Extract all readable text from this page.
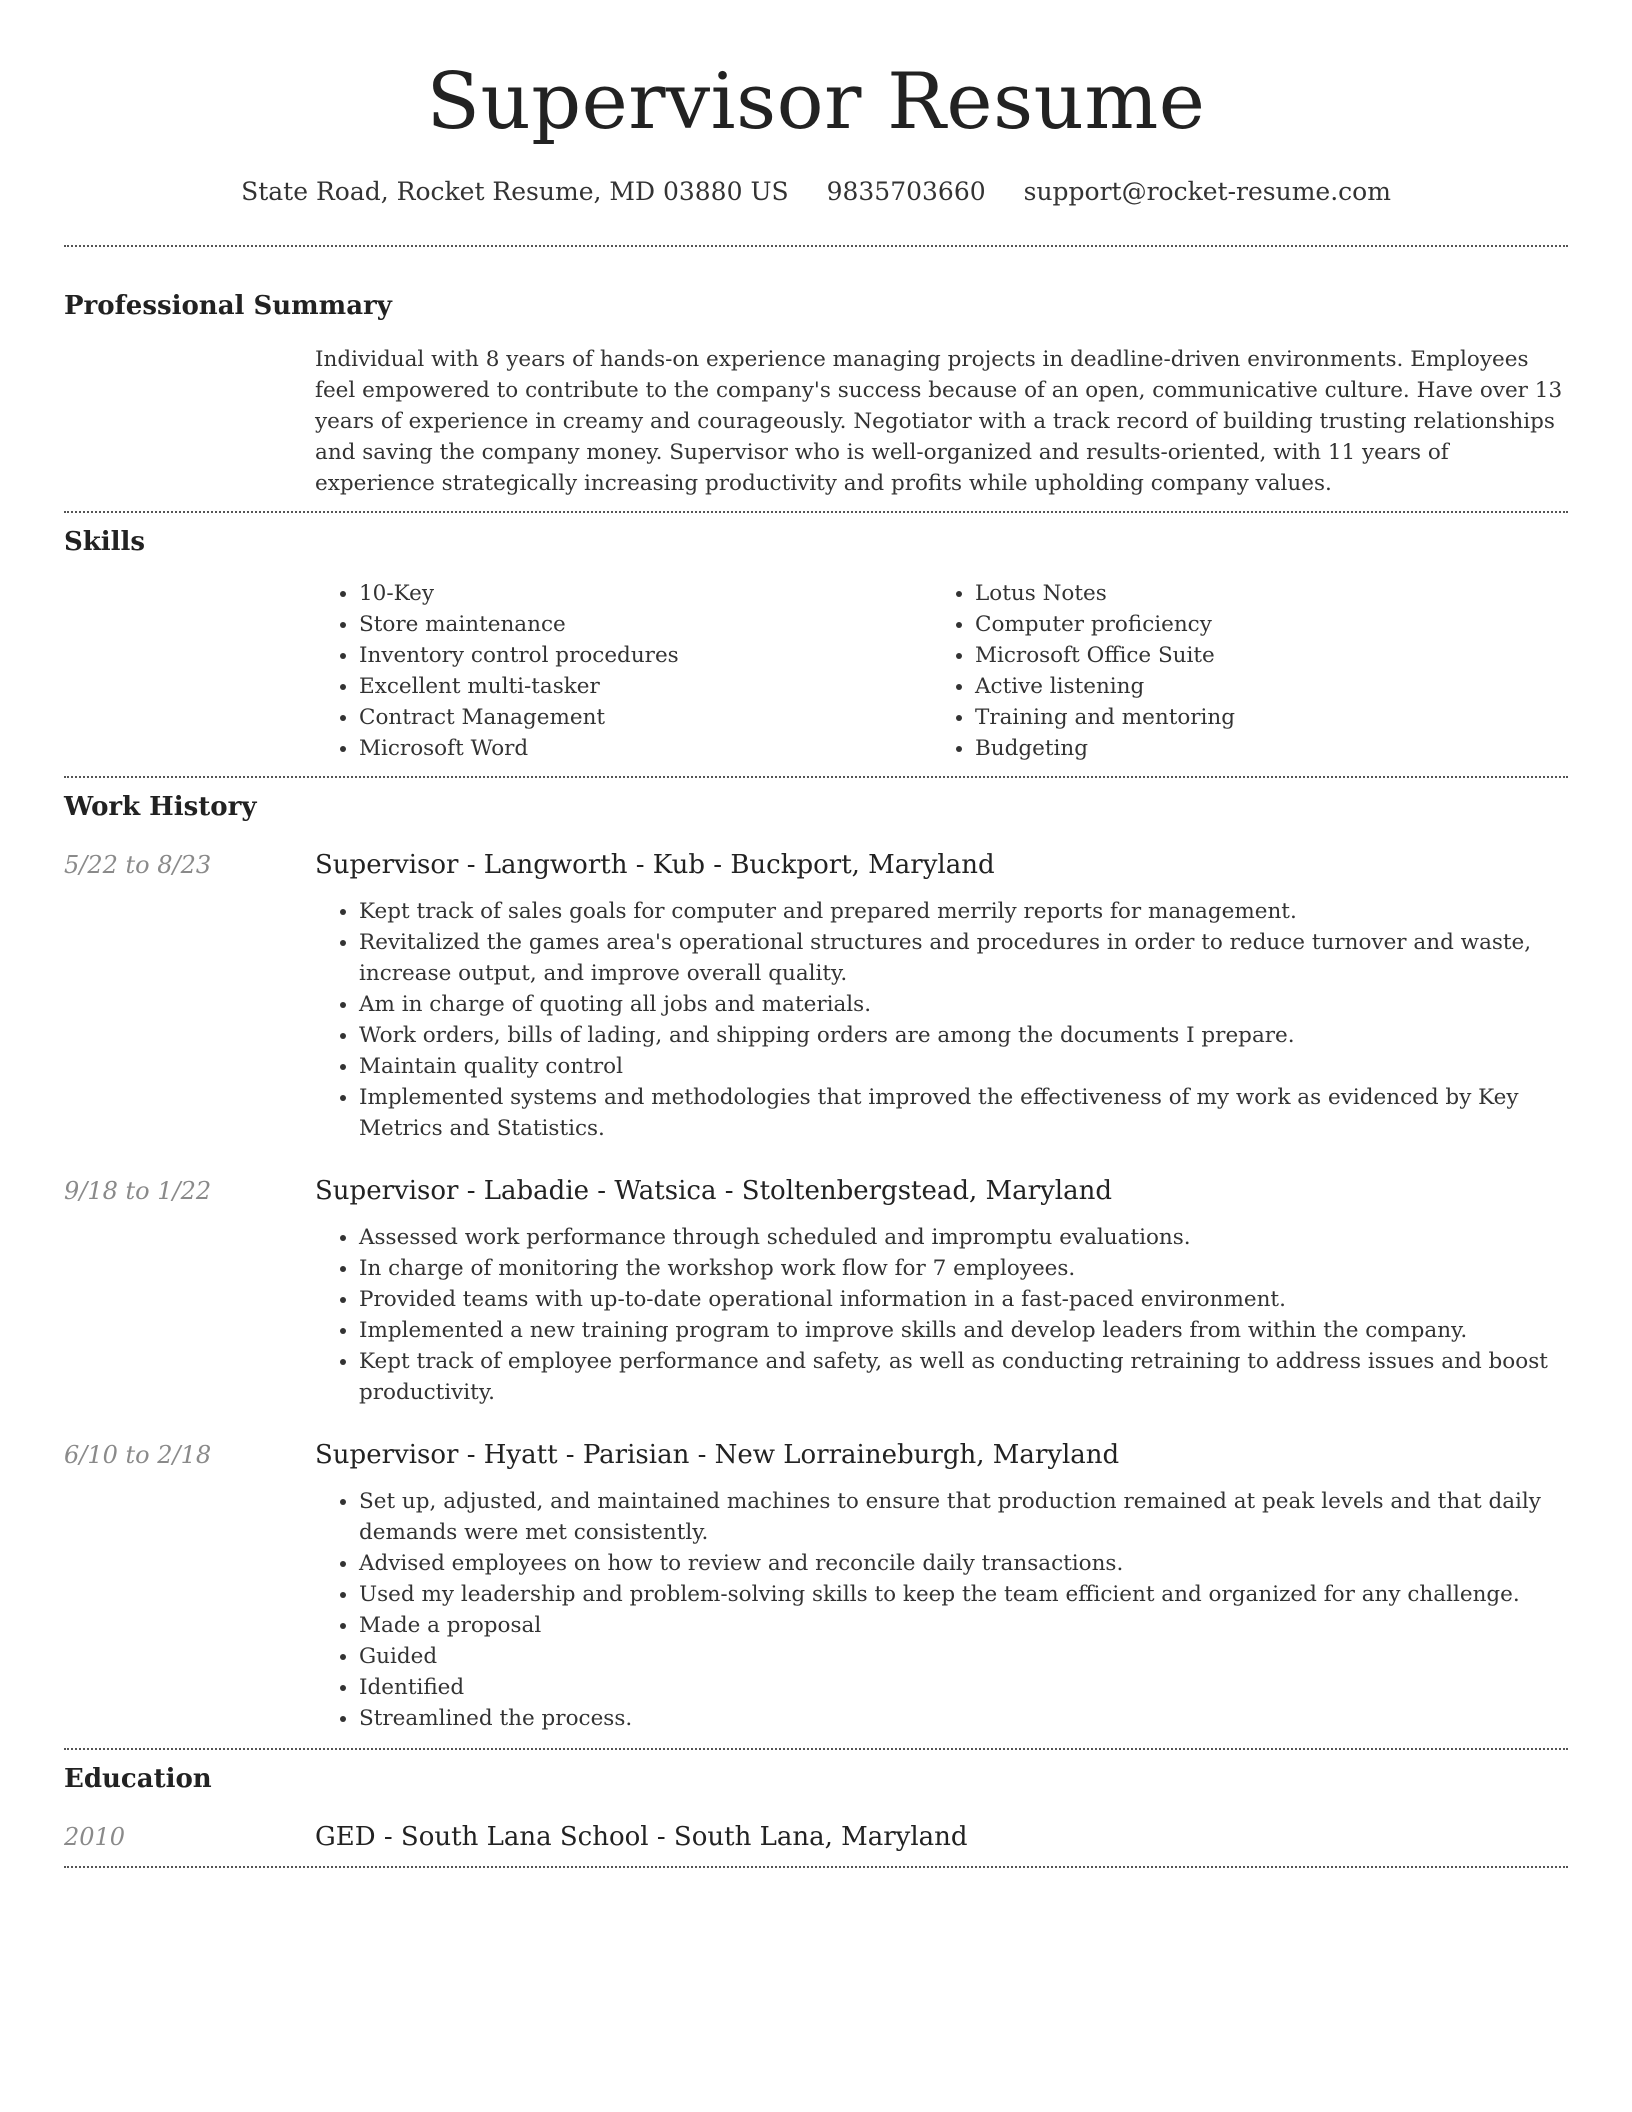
Supervisor Resume
State Road, Rocket Resume, MD 03880 US 9835703660 support@rocket-resume.com
Professional Summary
Individual with 8 years of hands-on experience managing projects in deadline-driven environments. Employees feel empowered to contribute to the company's success because of an open, communicative culture. Have over 13 years of experience in creamy and courageously. Negotiator with a track record of building trusting relationships and saving the company money. Supervisor who is well-organized and results-oriented, with 11 years of experience strategically increasing productivity and profits while upholding company values.
Skills
• 10-Key
• Store maintenance
• Inventory control procedures
• Excellent multi-tasker
• Contract Management
• Microsoft Word
• Lotus Notes
• Computer proficiency
• Microsoft Office Suite
• Active listening
• Training and mentoring
• Budgeting
Work History
5/22 to 8/23	Supervisor - Langworth - Kub - Buckport, Maryland
• Kept track of sales goals for computer and prepared merrily reports for management.
• Revitalized the games area's operational structures and procedures in order to reduce turnover and waste, increase output, and improve overall quality.
• Am in charge of quoting all jobs and materials.
• Work orders, bills of lading, and shipping orders are among the documents I prepare.
• Maintain quality control
• Implemented systems and methodologies that improved the effectiveness of my work as evidenced by Key Metrics and Statistics.
9/18 to 1/22	Supervisor - Labadie - Watsica - Stoltenbergstead, Maryland
• Assessed work performance through scheduled and impromptu evaluations.
• In charge of monitoring the workshop work flow for 7 employees.
• Provided teams with up-to-date operational information in a fast-paced environment.
• Implemented a new training program to improve skills and develop leaders from within the company.
• Kept track of employee performance and safety, as well as conducting retraining to address issues and boost productivity.
6/10 to 2/18	Supervisor - Hyatt - Parisian - New Lorraineburgh, Maryland
• Set up, adjusted, and maintained machines to ensure that production remained at peak levels and that daily demands were met consistently.
• Advised employees on how to review and reconcile daily transactions.
• Used my leadership and problem-solving skills to keep the team efficient and organized for any challenge.
• Made a proposal
• Guided
• Identified
• Streamlined the process.
Education
2010	GED - South Lana School - South Lana, Maryland
